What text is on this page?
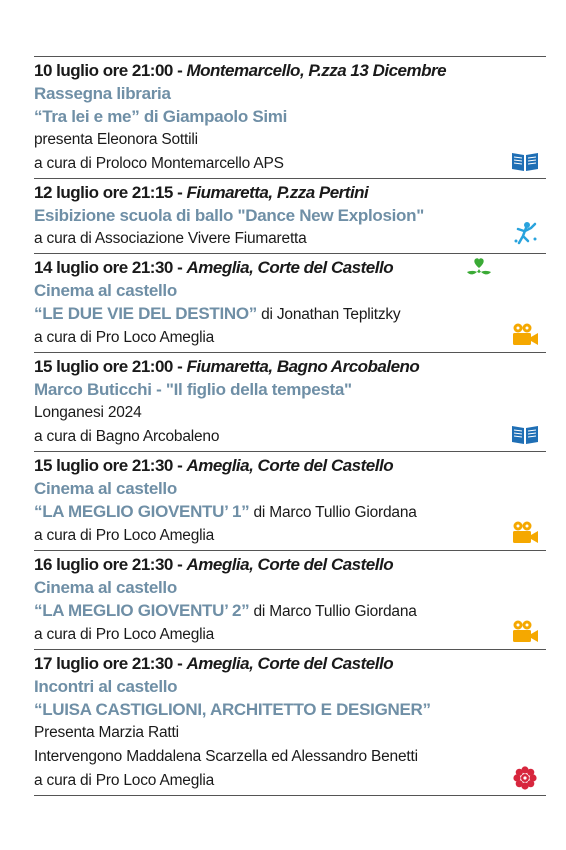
10 luglio ore 21:00 - Montemarcello, P.zza 13 Dicembre
Rassegna libraria
“Tra lei e me” di Giampaolo Simi
presenta Eleonora Sottili
a cura di Proloco Montemarcello APS
12 luglio ore 21:15 - Fiumaretta, P.zza Pertini
Esibizione scuola di ballo "Dance New Explosion"
a cura di Associazione Vivere Fiumaretta
14 luglio ore 21:30 - Ameglia, Corte del Castello
Cinema al castello
“LE DUE VIE DEL DESTINO” di Jonathan Teplitzky
a cura di Pro Loco Ameglia
15 luglio ore 21:00 - Fiumaretta, Bagno Arcobaleno
Marco Buticchi - "Il figlio della tempesta"
Longanesi 2024
a cura di Bagno Arcobaleno
15 luglio ore 21:30 - Ameglia, Corte del Castello
Cinema al castello
“LA MEGLIO GIOVENTU’ 1” di Marco Tullio Giordana
a cura di Pro Loco Ameglia
16 luglio ore 21:30 - Ameglia, Corte del Castello
Cinema al castello
“LA MEGLIO GIOVENTU’ 2” di Marco Tullio Giordana
a cura di Pro Loco Ameglia
17 luglio ore 21:30 - Ameglia, Corte del Castello
Incontri al castello
“LUISA CASTIGLIONI, ARCHITETTO E DESIGNER”
Presenta Marzia Ratti
Intervengono Maddalena Scarzella ed Alessandro Benetti
a cura di Pro Loco Ameglia
